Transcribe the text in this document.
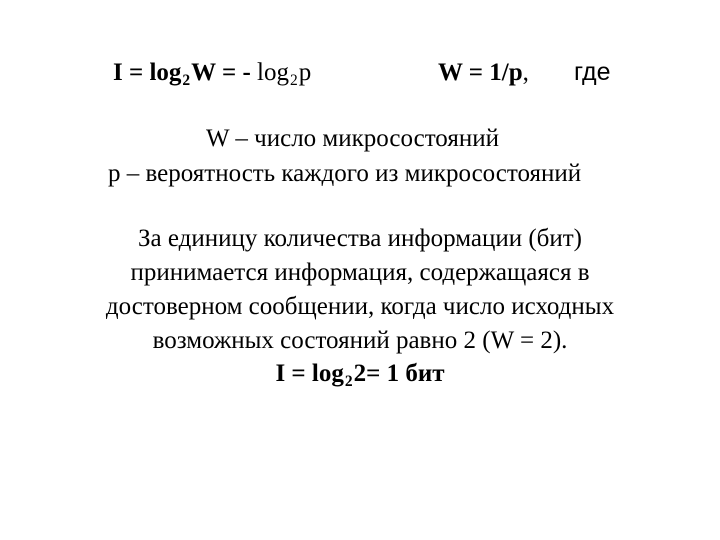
I = log2W = - log2p	W = 1/p, где
W – число микросостояний
p – вероятность каждого из микросостояний
За единицу количества информации (бит)
принимается информация, содержащаяся в
достоверном сообщении, когда число исходных
возможных состояний равно 2 (W = 2).
I = log22= 1 бит
